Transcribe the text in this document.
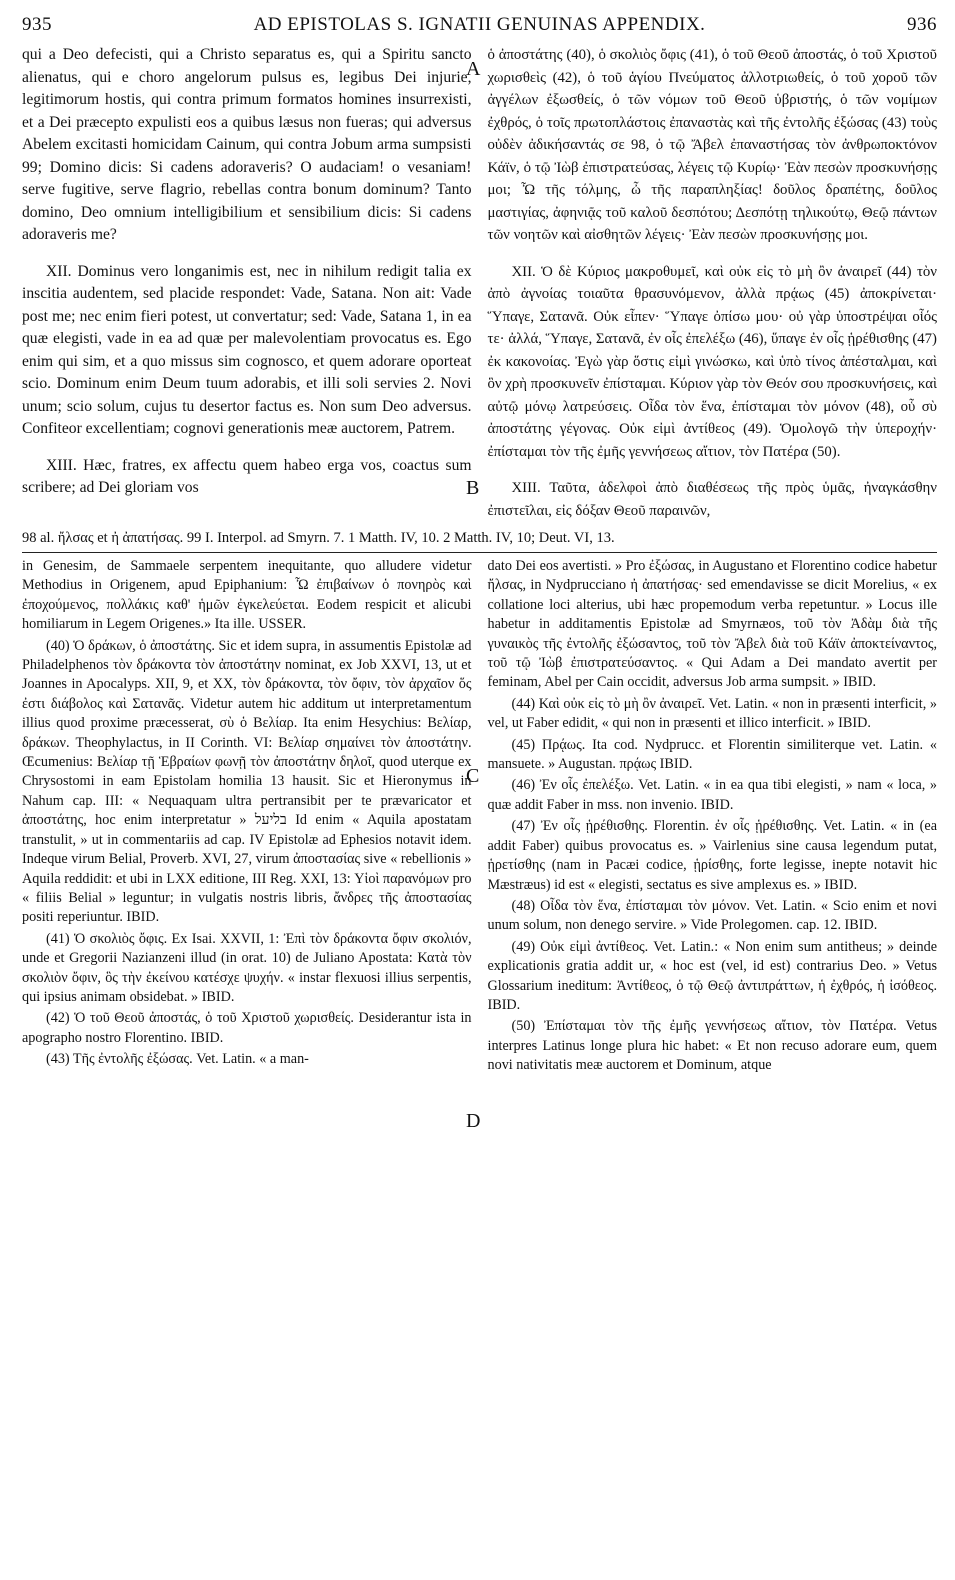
935	AD EPISTOLAS S. IGNATII GENUINAS APPENDIX.	936
A
B
C
D

qui a Deo defecisti, qui a Christo separatus es, qui a Spiritu sancto alienatus, qui e choro angelorum pulsus es, legibus Dei injurie, legitimorum hostis, qui contra primum formatos homines insurrexisti, et a Dei præcepto expulisti eos a quibus læsus non fueras; qui adversus Abelem excitasti homicidam Cainum, qui contra Jobum arma sumpsisti 99; Domino dicis: Si cadens adoraveris? O audaciam! o vesaniam! serve fugitive, serve flagrio, rebellas contra bonum dominum? Tanto domino, Deo omnium intelligibilium et sensibilium dicis: Si cadens adoraveris me?

XII. Dominus vero longanimis est, nec in nihilum redigit talia ex inscitia audentem, sed placide respondet: Vade, Satana. Non ait: Vade post me; nec enim fieri potest, ut convertatur; sed: Vade, Satana 1, in ea quæ elegisti, vade in ea ad quæ per malevolentiam provocatus es. Ego enim qui sim, et a quo missus sim cognosco, et quem adorare oporteat scio. Dominum enim Deum tuum adorabis, et illi soli servies 2. Novi unum; scio solum, cujus tu desertor factus es. Non sum Deo adversus. Confiteor excellentiam; cognovi generationis meæ auctorem, Patrem.

XIII. Hæc, fratres, ex affectu quem habeo erga vos, coactus sum scribere; ad Dei gloriam vos

ὁ ἀποστάτης (40), ὁ σκολιὸς ὄφις (41), ὁ τοῦ Θεοῦ ἀποστάς, ὁ τοῦ Χριστοῦ χωρισθεὶς (42), ὁ τοῦ ἁγίου Πνεύματος ἀλλοτριωθείς, ὁ τοῦ χοροῦ τῶν ἀγγέλων ἐξωσθείς, ὁ τῶν νόμων τοῦ Θεοῦ ὑβριστής, ὁ τῶν νομίμων ἐχθρός, ὁ τοῖς πρωτοπλάστοις ἐπαναστὰς καὶ τῆς ἐντολῆς ἐξώσας (43) τοὺς οὐδὲν ἀδικήσαντάς σε 98, ὁ τῷ Ἄβελ ἐπαναστήσας τὸν ἀνθρωποκτόνον Κάϊν, ὁ τῷ Ἰὼβ ἐπιστρατεύσας, λέγεις τῷ Κυρίῳ· Ἐὰν πεσὼν προσκυνήσῃς μοι; Ὦ τῆς τόλμης, ὦ τῆς παραπληξίας! δοῦλος δραπέτης, δοῦλος μαστιγίας, ἀφηνιᾷς τοῦ καλοῦ δεσπότου; Δεσπότῃ τηλικούτῳ, Θεῷ πάντων τῶν νοητῶν καὶ αἰσθητῶν λέγεις· Ἐὰν πεσὼν προσκυνήσῃς μοι.

XII. Ὁ δὲ Κύριος μακροθυμεῖ, καὶ οὐκ εἰς τὸ μὴ ὂν ἀναιρεῖ (44) τὸν ἀπὸ ἀγνοίας τοιαῦτα θρασυνόμενον, ἀλλὰ πρᾴως (45) ἀποκρίνεται· Ὕπαγε, Σατανᾶ. Οὐκ εἶπεν· Ὕπαγε ὀπίσω μου· οὐ γὰρ ὑποστρέψαι οἷός τε· ἀλλά, Ὕπαγε, Σατανᾶ, ἐν οἷς ἐπελέξω (46), ὕπαγε ἐν οἷς ᾑρέθισθης (47) ἐκ κακονοίας. Ἐγὼ γὰρ ὅστις εἰμὶ γινώσκω, καὶ ὑπὸ τίνος ἀπέσταλμαι, καὶ ὃν χρὴ προσκυνεῖν ἐπίσταμαι. Κύριον γὰρ τὸν Θεόν σου προσκυνήσεις, καὶ αὐτῷ μόνῳ λατρεύσεις. Οἶδα τὸν ἕνα, ἐπίσταμαι τὸν μόνον (48), οὗ σὺ ἀποστάτης γέγονας. Οὐκ εἰμὶ ἀντίθεος (49). Ὁμολογῶ τὴν ὑπεροχήν· ἐπίσταμαι τὸν τῆς ἐμῆς γεννήσεως αἴτιον, τὸν Πατέρα (50).

XIII. Ταῦτα, ἀδελφοὶ ἀπὸ διαθέσεως τῆς πρὸς ὑμᾶς, ἠναγκάσθην ἐπιστεῖλαι, εἰς δόξαν Θεοῦ παραινῶν,

98 al. ἤλσας et ἠ ἀπατήσας. 99 I. Interpol. ad Smyrn. 7. 1 Matth. IV, 10. 2 Matth. IV, 10; Deut. VI, 13.

in Genesim, de Sammaele serpentem inequitante, quo alludere videtur Methodius in Origenem, apud Epiphanium: Ὦ ἐπιβαίνων ὁ πονηρὸς καὶ ἐποχούμενος, πολλάκις καθ' ἡμῶν ἐγκελεύεται. Eodem respicit et alicubi homiliarum in Legem Origenes.» Ita ille. USSER.

(40) Ὁ δράκων, ὁ ἀποστάτης. Sic et idem supra, in assumentis Epistolæ ad Philadelphenos τὸν δράκοντα τὸν ἀποστάτην nominat, ex Job XXVI, 13, ut et Joannes in Apocalyps. XII, 9, et XX, τὸν δράκοντα, τὸν ὄφιν, τὸν ἀρχαῖον ὅς ἐστι διάβολος καὶ Σατανᾶς. Videtur autem hic additum ut interpretamentum illius quod proxime præcesserat, σὺ ὁ Βελίαρ. Ita enim Hesychius: Βελίαρ, δράκων. Theophylactus, in II Corinth. VI: Βελίαρ σημαίνει τὸν ἀποστάτην. Œcumenius: Βελίαρ τῇ Ἑβραίων φωνῇ τὸν ἀποστάτην δηλοῖ, quod uterque ex Chrysostomi in eam Epistolam homilia 13 hausit. Sic et Hieronymus in Nahum cap. III: « Nequaquam ultra pertransibit per te prævaricator et ἀποστάτης, hoc enim interpretatur » בליעל Id enim « Aquila apostatam transtulit, » ut in commentariis ad cap. IV Epistolæ ad Ephesios notavit idem. Indeque virum Belial, Proverb. XVI, 27, virum ἀποστασίας sive « rebellionis » Aquila reddidit: et ubi in LXX editione, III Reg. XXI, 13: Υἱοὶ παρανόμων pro « filiis Belial » leguntur; in vulgatis nostris libris, ἄνδρες τῆς ἀποστασίας positi reperiuntur. IBID.

(41) Ὁ σκολιὸς ὄφις. Ex Isai. XXVII, 1: Ἐπὶ τὸν δράκοντα ὄφιν σκολιόν, unde et Gregorii Nazianzeni illud (in orat. 10) de Juliano Apostata: Κατὰ τὸν σκολιὸν ὄφιν, ὃς τὴν ἐκείνου κατέσχε ψυχήν. « instar flexuosi illius serpentis, qui ipsius animam obsidebat. » IBID.

(42) Ὁ τοῦ Θεοῦ ἀποστάς, ὁ τοῦ Χριστοῦ χωρισθείς. Desiderantur ista in apographo nostro Florentino. IBID.

(43) Τῆς ἐντολῆς ἐξώσας. Vet. Latin. « a man-

dato Dei eos avertisti. » Pro ἐξώσας, in Augustano et Florentino codice habetur ἤλσας, in Nydprucciano ἠ ἀπατήσας· sed emendavisse se dicit Morelius, « ex collatione loci alterius, ubi hæc propemodum verba repetuntur. » Locus ille habetur in additamentis Epistolæ ad Smyrnæos, τοῦ τὸν Ἀδὰμ διὰ τῆς γυναικὸς τῆς ἐντολῆς ἐξώσαντος, τοῦ τὸν Ἄβελ διὰ τοῦ Κάϊν ἀποκτείναντος, τοῦ τῷ Ἰὼβ ἐπιστρατεύσαντος. « Qui Adam a Dei mandato avertit per feminam, Abel per Cain occidit, adversus Job arma sumpsit. » IBID.

(44) Καὶ οὐκ εἰς τὸ μὴ ὂν ἀναιρεῖ. Vet. Latin. « non in præsenti interficit, » vel, ut Faber edidit, « qui non in præsenti et illico interficit. » IBID.

(45) Πρᾴως. Ita cod. Nydprucc. et Florentin similiterque vet. Latin. « mansuete. » Augustan. πρᾴως IBID.

(46) Ἐν οἷς ἐπελέξω. Vet. Latin. « in ea qua tibi elegisti, » nam « loca, » quæ addit Faber in mss. non invenio. IBID.

(47) Ἐν οἷς ᾑρέθισθης. Florentin. ἐν οἷς ᾑρέθισθης. Vet. Latin. « in (ea addit Faber) quibus provocatus es. » Vairlenius sine causa legendum putat, ᾑρετίσθης (nam in Pacæi codice, ᾑρίσθης, forte legisse, inepte notavit hic Mæstræus) id est « elegisti, sectatus es sive amplexus es. » IBID.

(48) Οἶδα τὸν ἕνα, ἐπίσταμαι τὸν μόνον. Vet. Latin. « Scio enim et novi unum solum, non denego servire. » Vide Prolegomen. cap. 12. IBID.

(49) Οὐκ εἰμὶ ἀντίθεος. Vet. Latin.: « Non enim sum antitheus; » deinde explicationis gratia addit ur, « hoc est (vel, id est) contrarius Deo. » Vetus Glossarium ineditum: Ἀντίθεος, ὁ τῷ Θεῷ ἀντιπράττων, ἡ ἐχθρός, ἡ ἰσόθεος. IBID.

(50) Ἐπίσταμαι τὸν τῆς ἐμῆς γεννήσεως αἴτιον, τὸν Πατέρα. Vetus interpres Latinus longe plura hic habet: « Et non recuso adorare eum, quem novi nativitatis meæ auctorem et Dominum, atque
